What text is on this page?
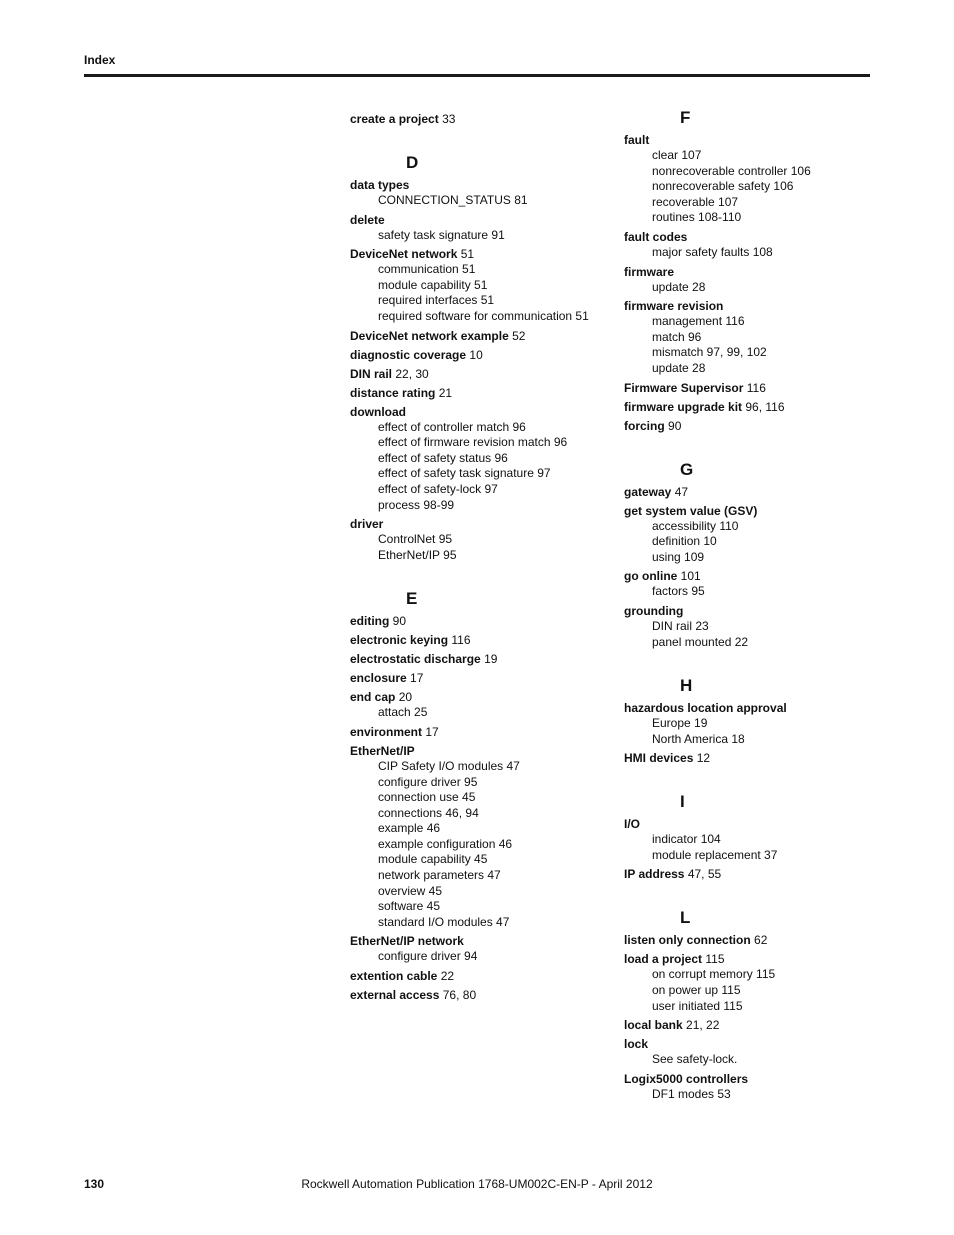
Index
create a project 33
D
data types
CONNECTION_STATUS 81
delete
safety task signature 91
DeviceNet network 51
communication 51
module capability 51
required interfaces 51
required software for communication 51
DeviceNet network example 52
diagnostic coverage 10
DIN rail 22, 30
distance rating 21
download
effect of controller match 96
effect of firmware revision match 96
effect of safety status 96
effect of safety task signature 97
effect of safety-lock 97
process 98-99
driver
ControlNet 95
EtherNet/IP 95
E
editing 90
electronic keying 116
electrostatic discharge 19
enclosure 17
end cap 20
attach 25
environment 17
EtherNet/IP
CIP Safety I/O modules 47
configure driver 95
connection use 45
connections 46, 94
example 46
example configuration 46
module capability 45
network parameters 47
overview 45
software 45
standard I/O modules 47
EtherNet/IP network
configure driver 94
extention cable 22
external access 76, 80
F
fault
clear 107
nonrecoverable controller 106
nonrecoverable safety 106
recoverable 107
routines 108-110
fault codes
major safety faults 108
firmware
update 28
firmware revision
management 116
match 96
mismatch 97, 99, 102
update 28
Firmware Supervisor 116
firmware upgrade kit 96, 116
forcing 90
G
gateway 47
get system value (GSV)
accessibility 110
definition 10
using 109
go online 101
factors 95
grounding
DIN rail 23
panel mounted 22
H
hazardous location approval
Europe 19
North America 18
HMI devices 12
I
I/O
indicator 104
module replacement 37
IP address 47, 55
L
listen only connection 62
load a project 115
on corrupt memory 115
on power up 115
user initiated 115
local bank 21, 22
lock
See safety-lock.
Logix5000 controllers
DF1 modes 53
130	Rockwell Automation Publication 1768-UM002C-EN-P - April 2012
